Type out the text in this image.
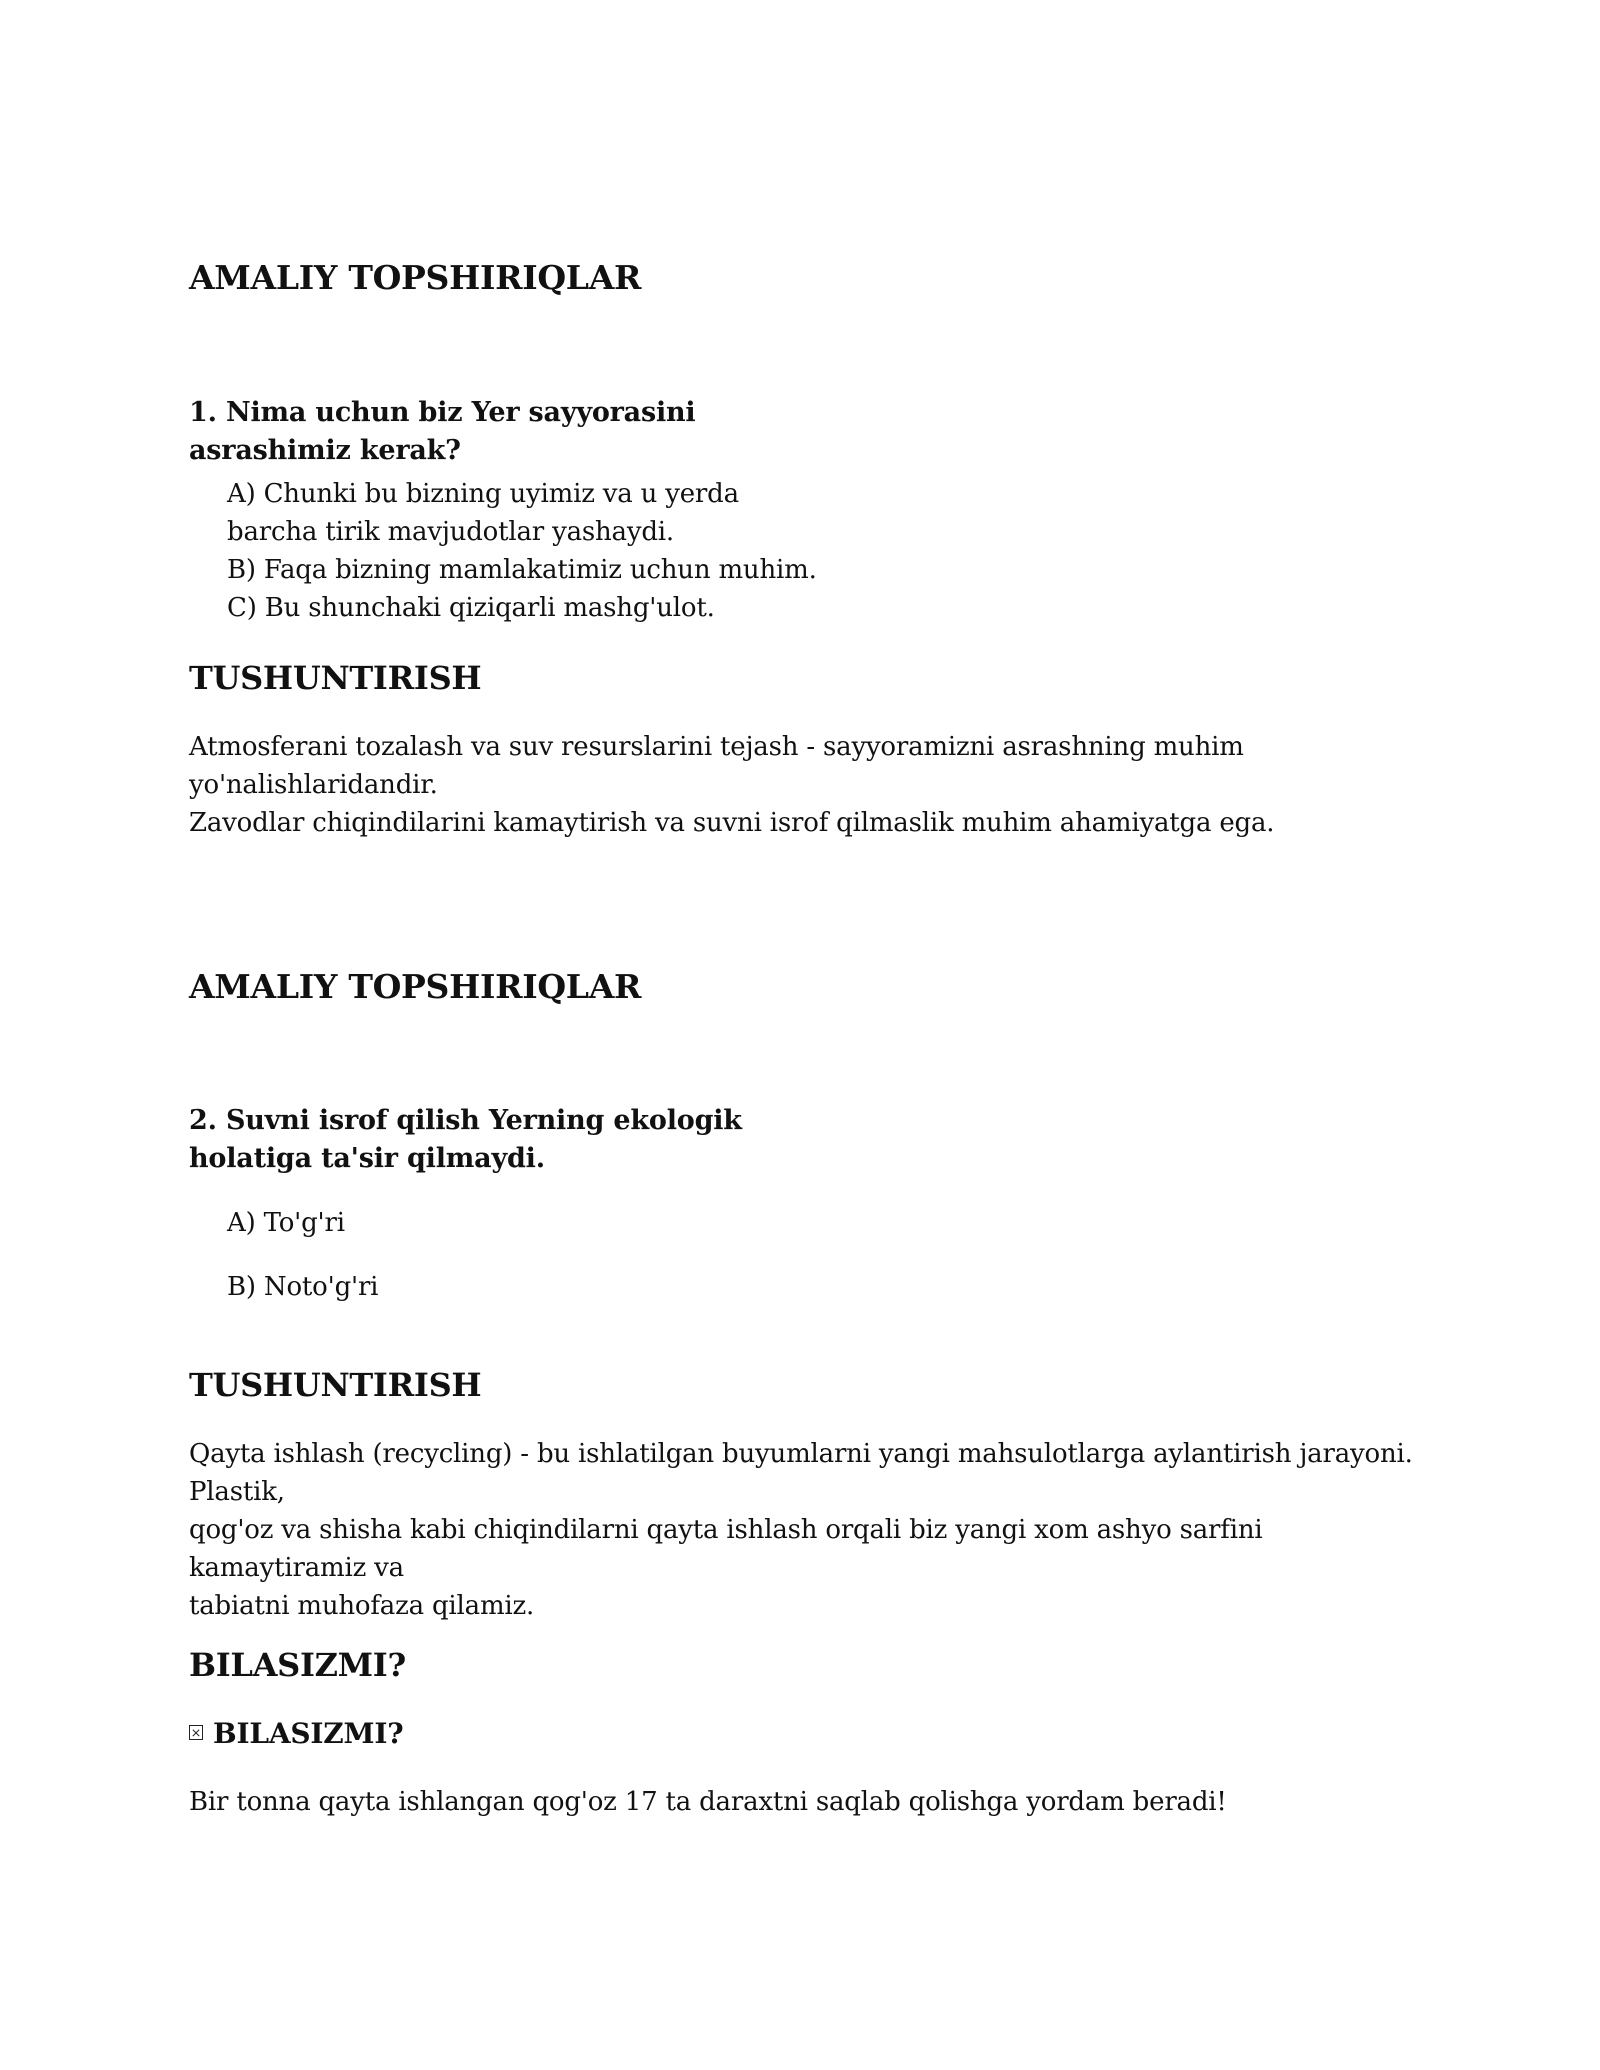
AMALIY TOPSHIRIQLAR
1. Nima uchun biz Yer sayyorasini
asrashimiz kerak?
A) Chunki bu bizning uyimiz va u yerda
barcha tirik mavjudotlar yashaydi.
B) Faqa bizning mamlakatimiz uchun muhim.
C) Bu shunchaki qiziqarli mashg'ulot.
TUSHUNTIRISH
Atmosferani tozalash va suv resurslarini tejash - sayyoramizni asrashning muhim yo'nalishlaridandir.
Zavodlar chiqindilarini kamaytirish va suvni isrof qilmaslik muhim ahamiyatga ega.
AMALIY TOPSHIRIQLAR
2. Suvni isrof qilish Yerning ekologik
holatiga ta'sir qilmaydi.
A) To'g'ri
B) Noto'g'ri
TUSHUNTIRISH
Qayta ishlash (recycling) - bu ishlatilgan buyumlarni yangi mahsulotlarga aylantirish jarayoni. Plastik,
qog'oz va shisha kabi chiqindilarni qayta ishlash orqali biz yangi xom ashyo sarfini kamaytiramiz va
tabiatni muhofaza qilamiz.
BILASIZMI?
BILASIZMI?
Bir tonna qayta ishlangan qog'oz 17 ta daraxtni saqlab qolishga yordam beradi!
